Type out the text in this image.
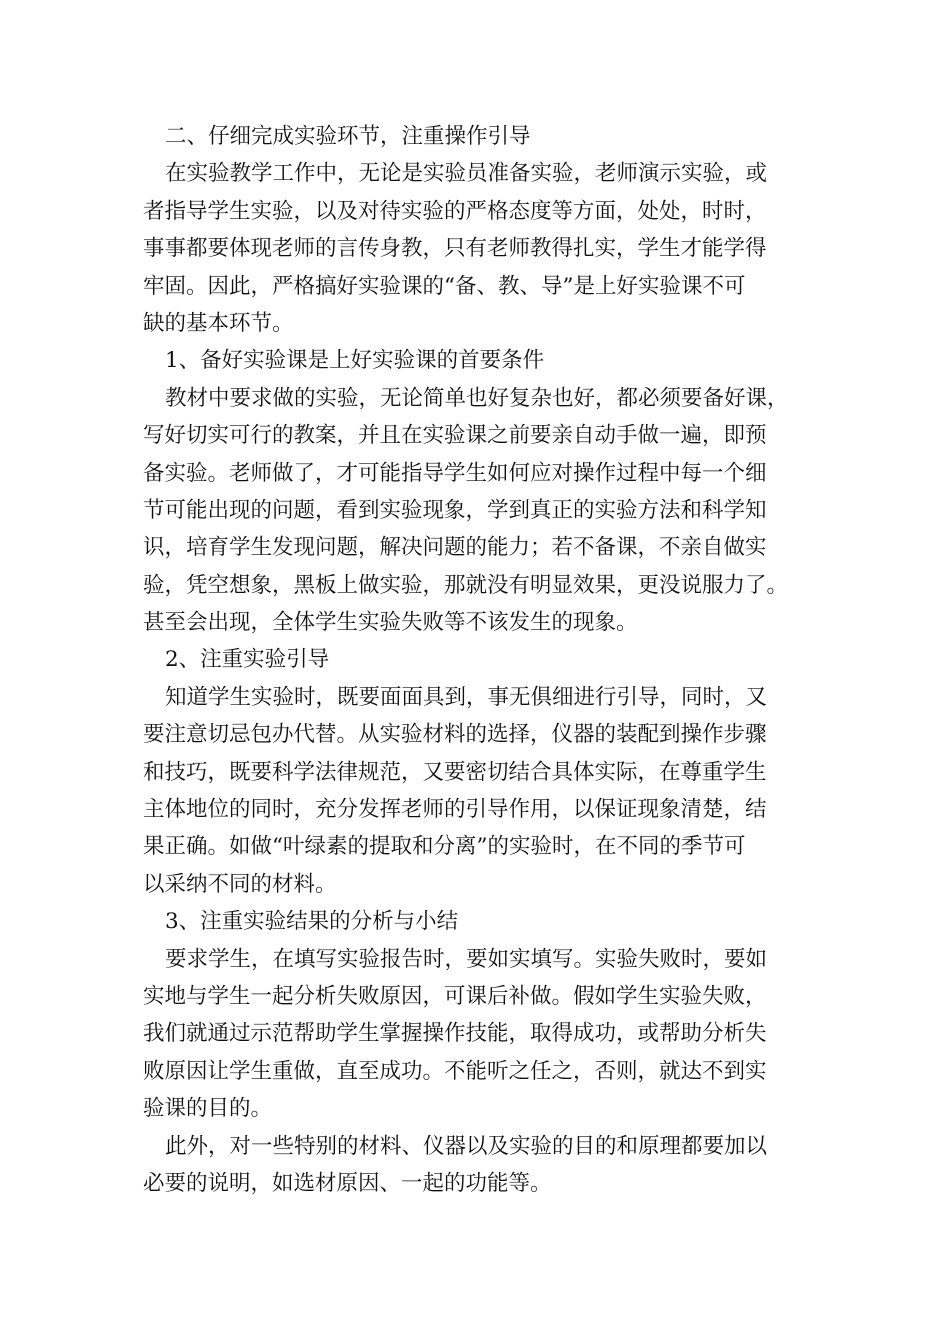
二、仔细完成实验环节，注重操作引导
在实验教学工作中，无论是实验员准备实验，老师演示实验，或
者指导学生实验，以及对待实验的严格态度等方面，处处，时时，
事事都要体现老师的言传身教，只有老师教得扎实，学生才能学得
牢固。因此，严格搞好实验课的“备、教、导”是上好实验课不可
缺的基本环节。
1、备好实验课是上好实验课的首要条件
教材中要求做的实验，无论简单也好复杂也好，都必须要备好课，
写好切实可行的教案，并且在实验课之前要亲自动手做一遍，即预
备实验。老师做了，才可能指导学生如何应对操作过程中每一个细
节可能出现的问题，看到实验现象，学到真正的实验方法和科学知
识，培育学生发现问题，解决问题的能力；若不备课，不亲自做实
验，凭空想象，黑板上做实验，那就没有明显效果，更没说服力了。
甚至会出现，全体学生实验失败等不该发生的现象。
2、注重实验引导
知道学生实验时，既要面面具到，事无俱细进行引导，同时，又
要注意切忌包办代替。从实验材料的选择，仪器的装配到操作步骤
和技巧，既要科学法律规范，又要密切结合具体实际，在尊重学生
主体地位的同时，充分发挥老师的引导作用，以保证现象清楚，结
果正确。如做“叶绿素的提取和分离”的实验时，在不同的季节可
以采纳不同的材料。
3、注重实验结果的分析与小结
要求学生，在填写实验报告时，要如实填写。实验失败时，要如
实地与学生一起分析失败原因，可课后补做。假如学生实验失败，
我们就通过示范帮助学生掌握操作技能，取得成功，或帮助分析失
败原因让学生重做，直至成功。不能听之任之，否则，就达不到实
验课的目的。
此外，对一些特别的材料、仪器以及实验的目的和原理都要加以
必要的说明，如选材原因、一起的功能等。
